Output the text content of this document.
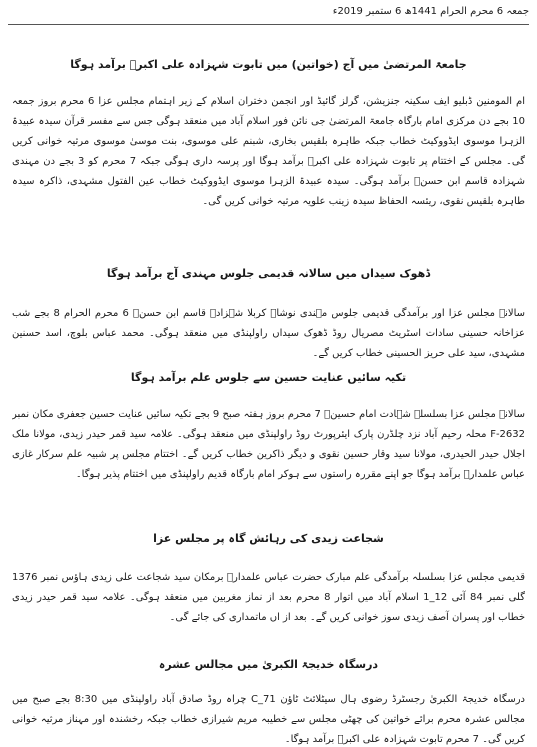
جمعہ 6 محرم الحرام 1441ھ 6 ستمبر 2019ء
جامعۃ المرتضیٰ میں آج (خواتین) میں تابوت شہزادہ علی اکبرؑ برآمد ہوگا
ام المومنین ڈبلیو ایف سکینہ جنزیشن، گرلز گائیڈ اور انجمن دختران اسلام کے زیر اہتمام مجلس عزا 6 محرم بروز جمعہ 10 بجے دن مرکزی امام بارگاہ جامعۃ المرتضیٰ جی نائن فور اسلام آباد میں منعقد ہوگی جس سے مفسر قرآن سیدہ عبیدۃ الزہرا موسوی ایڈووکیٹ خطاب جبکہ طاہرہ بلقیس بخاری، شبنم علی موسوی، بنت موسیٰ موسوی مرثیہ خوانی کریں گی۔ مجلس کے اختتام پر تابوت شہزادہ علی اکبرؑ برآمد ہوگا اور پرسہ داری ہوگی جبکہ 7 محرم کو 3 بجے دن مہندی شہزادہ قاسم ابن حسنؑ برآمد ہوگی۔ سیدہ عبیدۃ الزہرا موسوی ایڈووکیٹ خطاب عین الفتول مشہدی، ذاکرہ سیدہ طاہرہ بلقیس نقوی، ریئسہ الحفاظ سیدہ زینب علویہ مرثیہ خوانی کریں گی۔
ڈھوک سیداں میں سالانہ قدیمی جلوس مہندی آج برآمد ہوگا
سالانہ مجلس عزا اور برآمدگی قدیمی جلوس مہندی نوشاہ کربلا شہزادہ قاسم ابن حسنؑ 6 محرم الحرام 8 بجے شب عزاخانہ حسینی سادات اسٹریٹ مصریال روڈ ڈھوک سیداں راولپنڈی میں منعقد ہوگی۔ محمد عباس بلوچ، اسد حسنین مشہدی، سید علی حریز الحسینی خطاب کریں گے۔
تکیہ سائیں عنایت حسین سے جلوس علم برآمد ہوگا
سالانہ مجلس عزا بسلسلہ شہادت امام حسینؑ 7 محرم بروز ہفتہ صبح 9 بجے تکیہ سائیں عنایت حسین جعفری مکان نمبر F-2632 محلہ رحیم آباد نزد چلڈرن پارک ایئرپورٹ روڈ راولپنڈی میں منعقد ہوگی۔ علامہ سید قمر حیدر زیدی، مولانا ملک اجلال حیدر الحیدری، مولانا سید وقار حسین نقوی و دیگر ذاکرین خطاب کریں گے۔ اختتام مجلس پر شبیہ علم سرکار غازی عباس علمدارؑ برآمد ہوگا جو اپنے مقررہ راستوں سے ہوکر امام بارگاہ قدیم راولپنڈی میں اختتام پذیر ہوگا۔
شجاعت زیدی کی رہائش گاہ پر مجلس عزا
قدیمی مجلس عزا بسلسلہ برآمدگی علم مبارک حضرت عباس علمدارؑ برمکان سید شجاعت علی زیدی ہاؤس نمبر 1376 گلی نمبر 84 آئی 12_1 اسلام آباد میں اتوار 8 محرم بعد از نماز مغربین میں منعقد ہوگی۔ علامہ سید قمر حیدر زیدی خطاب اور پسران آصف زیدی سوز خوانی کریں گے۔ بعد از اں ماتمداری کی جائے گی۔
درسگاہ خدیجۃ الکبریٰ میں مجالس عشرہ
درسگاہ خدیجۃ الکبریٰ رجسٹرڈ رضوی ہال سیٹلائٹ ٹاؤن C_71 چراہ روڈ صادق آباد راولپنڈی میں 8:30 بجے صبح میں مجالس عشرہ محرم برائے خواتین کی چھٹی مجلس سے خطیبہ مریم شیرازی خطاب جبکہ رخشندہ اور مہناز مرثیہ خوانی کریں گی۔ 7 محرم تابوت شہزادہ علی اکبرؑ برآمد ہوگا۔
